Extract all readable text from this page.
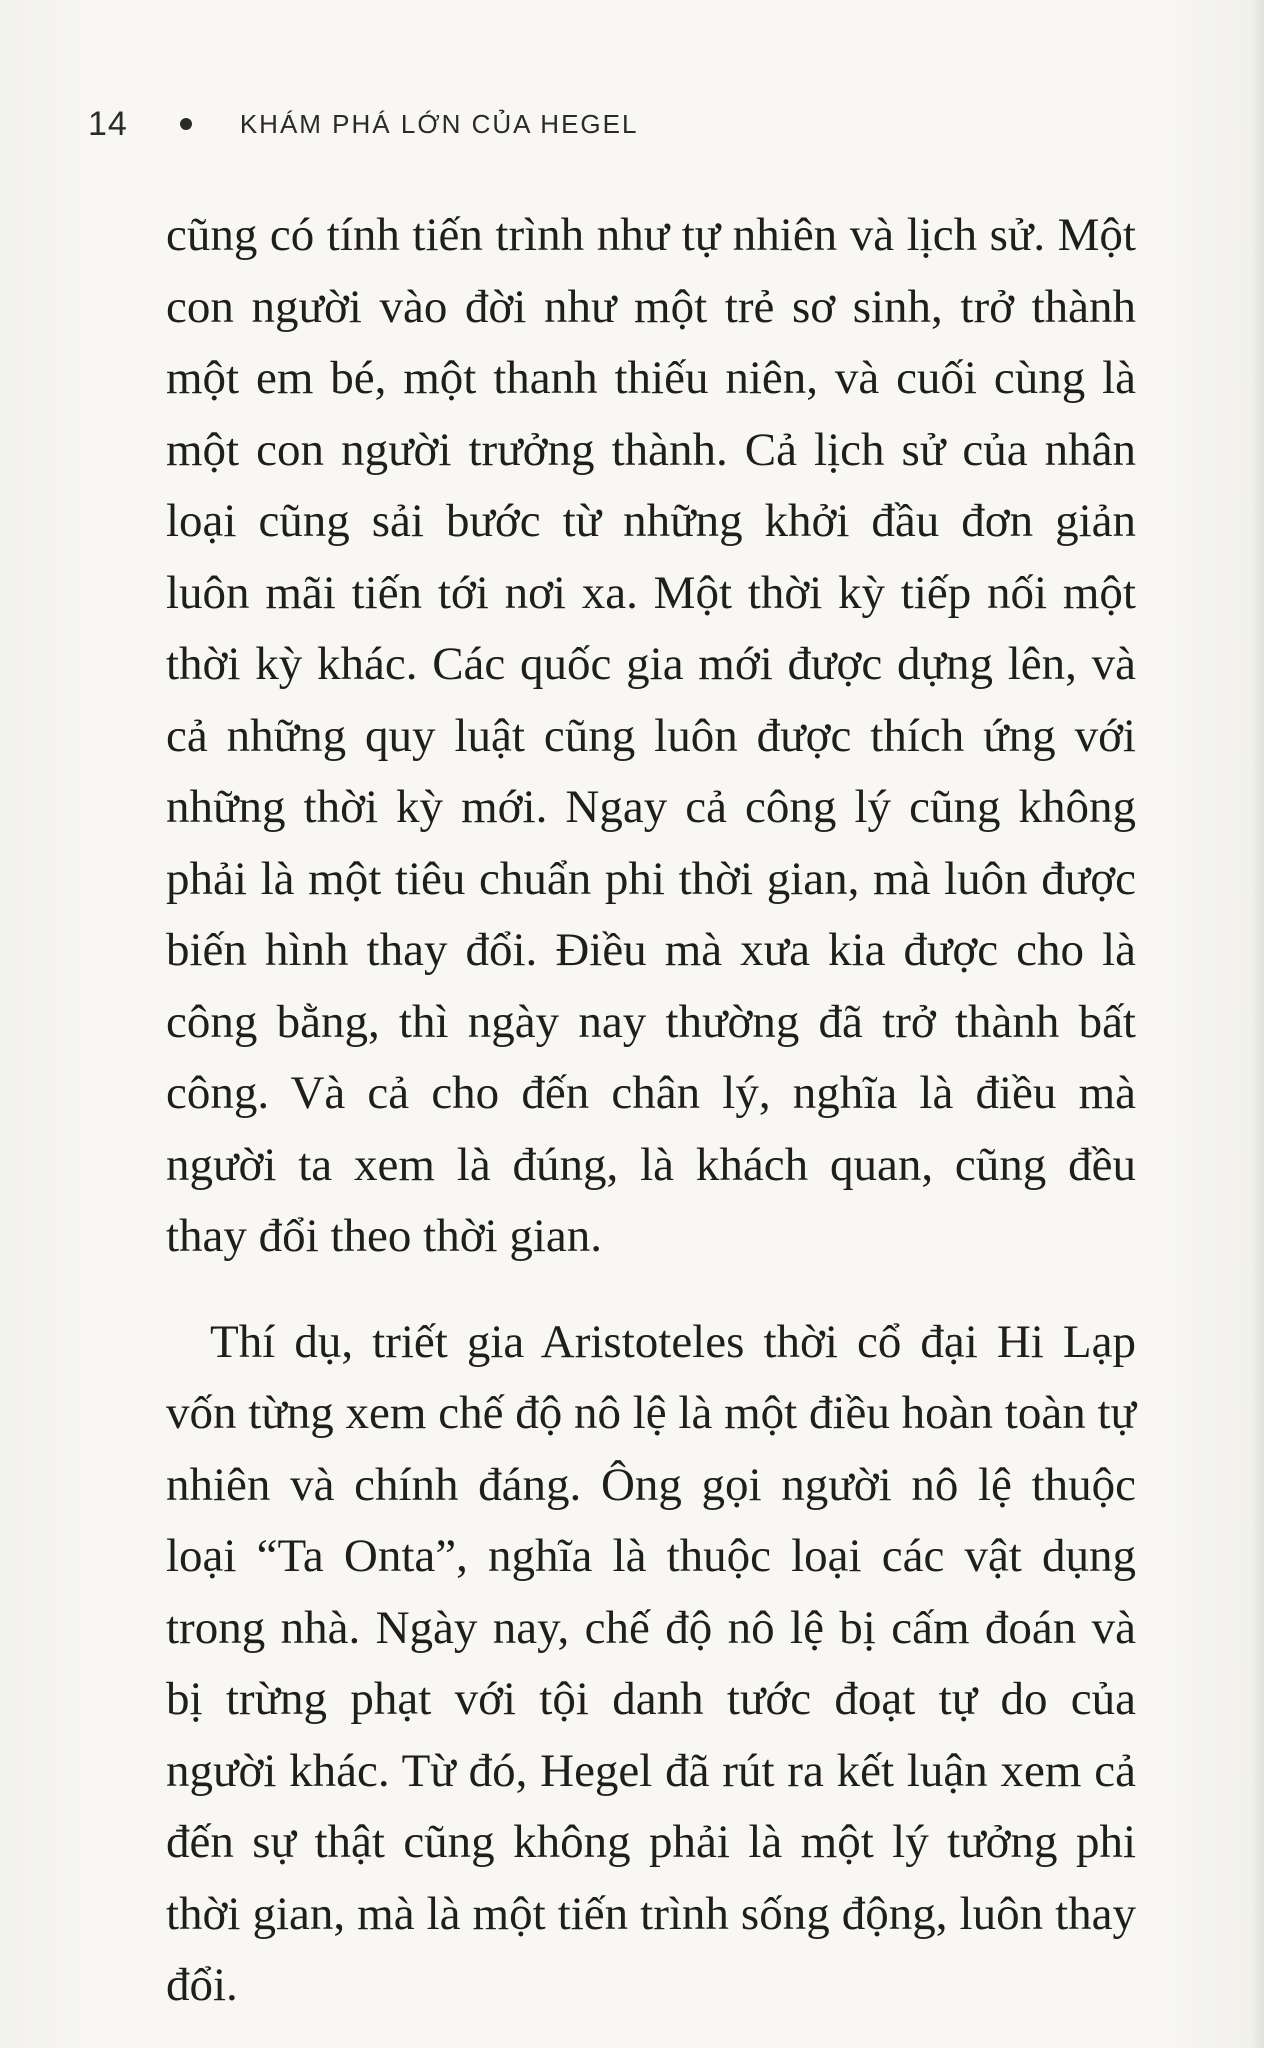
14	KHÁM PHÁ LỚN CỦA HEGEL

cũng có tính tiến trình như tự nhiên và lịch sử. Một con người vào đời như một trẻ sơ sinh, trở thành một em bé, một thanh thiếu niên, và cuối cùng là một con người trưởng thành. Cả lịch sử của nhân loại cũng sải bước từ những khởi đầu đơn giản luôn mãi tiến tới nơi xa. Một thời kỳ tiếp nối một thời kỳ khác. Các quốc gia mới được dựng lên, và cả những quy luật cũng luôn được thích ứng với những thời kỳ mới. Ngay cả công lý cũng không phải là một tiêu chuẩn phi thời gian, mà luôn được biến hình thay đổi. Điều mà xưa kia được cho là công bằng, thì ngày nay thường đã trở thành bất công. Và cả cho đến chân lý, nghĩa là điều mà người ta xem là đúng, là khách quan, cũng đều thay đổi theo thời gian.

Thí dụ, triết gia Aristoteles thời cổ đại Hi Lạp vốn từng xem chế độ nô lệ là một điều hoàn toàn tự nhiên và chính đáng. Ông gọi người nô lệ thuộc loại “Ta Onta”, nghĩa là thuộc loại các vật dụng trong nhà. Ngày nay, chế độ nô lệ bị cấm đoán và bị trừng phạt với tội danh tước đoạt tự do của người khác. Từ đó, Hegel đã rút ra kết luận xem cả đến sự thật cũng không phải là một lý tưởng phi thời gian, mà là một tiến trình sống động, luôn thay đổi.
